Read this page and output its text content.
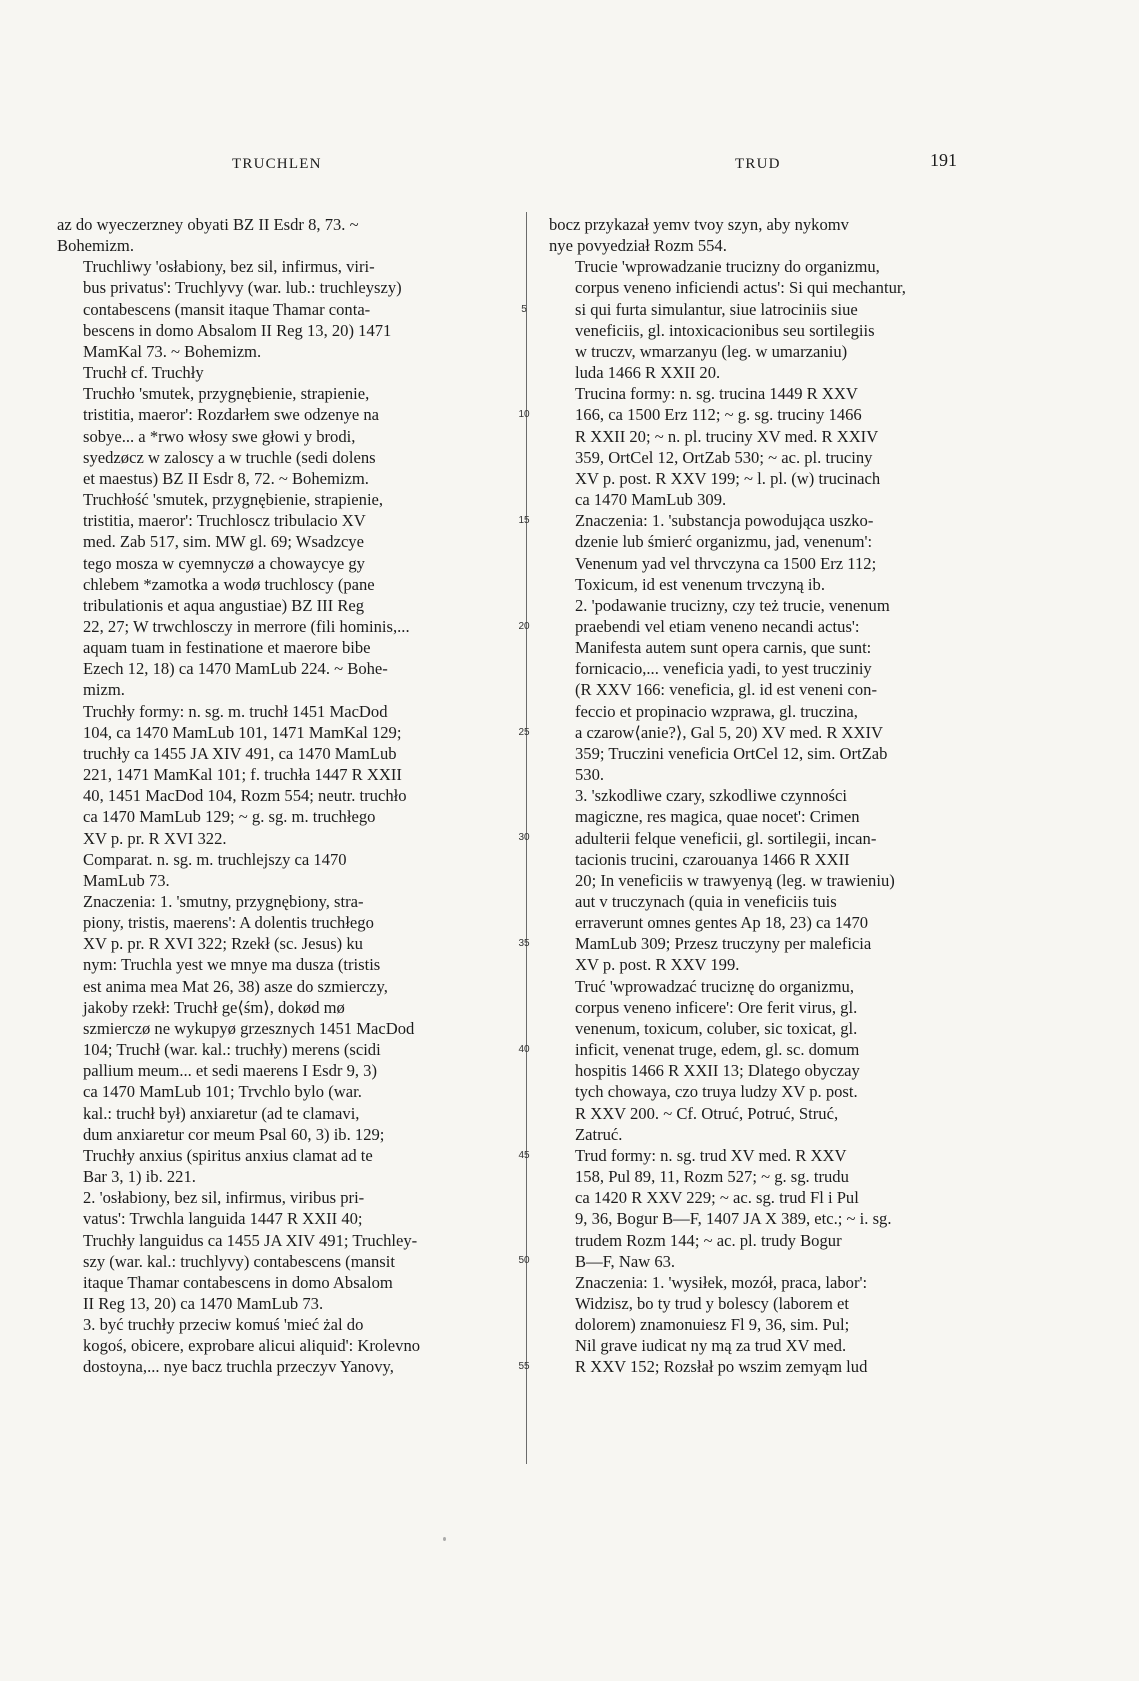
TRUCHLEN	TRUD	191

az do wyeczerzney obyati BZ II Esdr 8, 73. ~
Bohemizm.

Truchliwy 'osłabiony, bez sil, infirmus, viri-
bus privatus': Truchlyvy (war. lub.: truchleyszy)
contabescens (mansit itaque Thamar conta-
bescens in domo Absalom II Reg 13, 20) 1471
MamKal 73. ~ Bohemizm.

Truchł cf. Truchły

Truchło 'smutek, przygnębienie, strapienie,
tristitia, maeror': Rozdarłem swe odzenye na
sobye... a *rwo włosy swe głowi y brodi,
syedzøcz w zaloscy a w truchle (sedi dolens
et maestus) BZ II Esdr 8, 72. ~ Bohemizm.

Truchłość 'smutek, przygnębienie, strapienie,
tristitia, maeror': Truchloscz tribulacio XV
med. Zab 517, sim. MW gl. 69; Wsadzcye
tego mosza w cyemnyczø a chowaycye gy
chlebem *zamotka a wodø truchloscy (pane
tribulationis et aqua angustiae) BZ III Reg
22, 27; W trwchlosczy in merrore (fili hominis,...
aquam tuam in festinatione et maerore bibe
Ezech 12, 18) ca 1470 MamLub 224. ~ Bohe-
mizm.

Truchły formy: n. sg. m. truchł 1451 MacDod
104, ca 1470 MamLub 101, 1471 MamKal 129;
truchły ca 1455 JA XIV 491, ca 1470 MamLub
221, 1471 MamKal 101; f. truchła 1447 R XXII
40, 1451 MacDod 104, Rozm 554; neutr. truchło
ca 1470 MamLub 129; ~ g. sg. m. truchłego
XV p. pr. R XVI 322.

Comparat. n. sg. m. truchlejszy ca 1470
MamLub 73.

Znaczenia: 1. 'smutny, przygnębiony, stra-
piony, tristis, maerens': A dolentis truchłego
XV p. pr. R XVI 322; Rzekł (sc. Jesus) ku
nym: Truchla yest we mnye ma dusza (tristis
est anima mea Mat 26, 38) asze do szmierczy,
jakoby rzekł: Truchł ge⟨śm⟩, dokød mø
szmierczø ne wykupyø grzesznych 1451 MacDod
104; Truchł (war. kal.: truchły) merens (scidi
pallium meum... et sedi maerens I Esdr 9, 3)
ca 1470 MamLub 101; Trvchlo bylo (war.
kal.: truchł był) anxiaretur (ad te clamavi,
dum anxiaretur cor meum Psal 60, 3) ib. 129;
Truchły anxius (spiritus anxius clamat ad te
Bar 3, 1) ib. 221.

2. 'osłabiony, bez sil, infirmus, viribus pri-
vatus': Trwchla languida 1447 R XXII 40;
Truchły languidus ca 1455 JA XIV 491; Truchley-
szy (war. kal.: truchlyvy) contabescens (mansit
itaque Thamar contabescens in domo Absalom
II Reg 13, 20) ca 1470 MamLub 73.

3. być truchły przeciw komuś 'mieć żal do
kogoś, obicere, exprobare alicui aliquid': Krolevno
dostoyna,... nye bacz truchla przeczyv Yanovy,

5
10
15
20
25
30
35
40
45
50
55

bocz przykazał yemv tvoy szyn, aby nykomv
nye povyedział Rozm 554.

Trucie 'wprowadzanie trucizny do organizmu,
corpus veneno inficiendi actus': Si qui mechantur,
si qui furta simulantur, siue latrociniis siue
veneficiis, gl. intoxicacionibus seu sortilegiis
w truczv, wmarzanyu (leg. w umarzaniu)
luda 1466 R XXII 20.

Trucina formy: n. sg. trucina 1449 R XXV
166, ca 1500 Erz 112; ~ g. sg. truciny 1466
R XXII 20; ~ n. pl. truciny XV med. R XXIV
359, OrtCel 12, OrtZab 530; ~ ac. pl. truciny
XV p. post. R XXV 199; ~ l. pl. (w) trucinach
ca 1470 MamLub 309.

Znaczenia: 1. 'substancja powodująca uszko-
dzenie lub śmierć organizmu, jad, venenum':
Venenum yad vel thrvczyna ca 1500 Erz 112;
Toxicum, id est venenum trvczyną ib.

2. 'podawanie trucizny, czy też trucie, venenum
praebendi vel etiam veneno necandi actus':
Manifesta autem sunt opera carnis, que sunt:
fornicacio,... veneficia yadi, to yest trucziniy
(R XXV 166: veneficia, gl. id est veneni con-
feccio et propinacio wzprawa, gl. truczina,
a czarow⟨anie?⟩, Gal 5, 20) XV med. R XXIV
359; Truczini veneficia OrtCel 12, sim. OrtZab
530.

3. 'szkodliwe czary, szkodliwe czynności
magiczne, res magica, quae nocet': Crimen
adulterii felque veneficii, gl. sortilegii, incan-
tacionis trucini, czarouanya 1466 R XXII
20; In veneficiis w trawyenyą (leg. w trawieniu)
aut v truczynach (quia in veneficiis tuis
erraverunt omnes gentes Ap 18, 23) ca 1470
MamLub 309; Przesz truczyny per maleficia
XV p. post. R XXV 199.

Truć 'wprowadzać truciznę do organizmu,
corpus veneno inficere': Ore ferit virus, gl.
venenum, toxicum, coluber, sic toxicat, gl.
inficit, venenat truge, edem, gl. sc. domum
hospitis 1466 R XXII 13; Dlatego obyczay
tych chowaya, czo truya ludzy XV p. post.
R XXV 200. ~ Cf. Otruć, Potruć, Struć,
Zatruć.

Trud formy: n. sg. trud XV med. R XXV
158, Pul 89, 11, Rozm 527; ~ g. sg. trudu
ca 1420 R XXV 229; ~ ac. sg. trud Fl i Pul
9, 36, Bogur B—F, 1407 JA X 389, etc.; ~ i. sg.
trudem Rozm 144; ~ ac. pl. trudy Bogur
B—F, Naw 63.

Znaczenia: 1. 'wysiłek, mozół, praca, labor':
Widzisz, bo ty trud y bolescy (laborem et
dolorem) znamonuiesz Fl 9, 36, sim. Pul;
Nil grave iudicat ny mą za trud XV med.
R XXV 152; Rozsłał po wszim zemyąm lud
